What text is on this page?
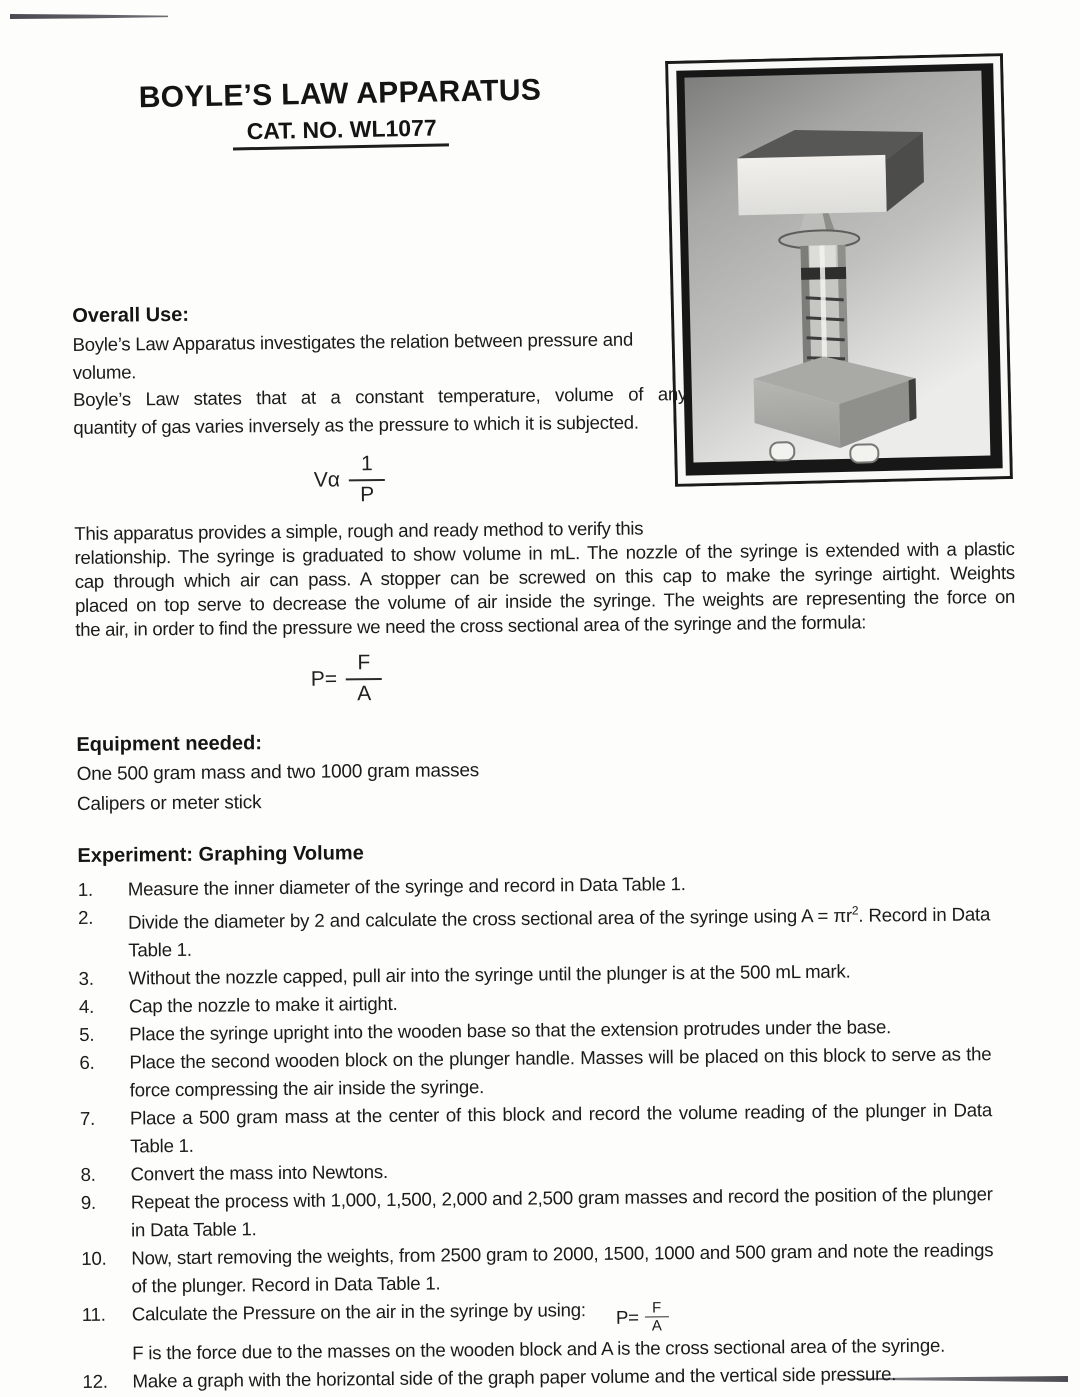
BOYLE’S LAW APPARATUS
CAT. NO. WL1077
Overall Use:
Boyle’s Law Apparatus investigates the relation between pressure and
volume.
Boyle’s Law states that at a constant temperature, volume of any
quantity of gas varies inversely as the pressure to which it is subjected.
Vα $\frac{1}{P}$
This apparatus provides a simple, rough and ready method to verify this
relationship. The syringe is graduated to show volume in mL. The nozzle of the syringe is extended with a plastic
cap through which air can pass. A stopper can be screwed on this cap to make the syringe airtight. Weights
placed on top serve to decrease the volume of air inside the syringe. The weights are representing the force on
the air, in order to find the pressure we need the cross sectional area of the syringe and the formula:
$P= \frac{F}{A}$
Equipment needed:
One 500 gram mass and two 1000 gram masses
Calipers or meter stick
Experiment: Graphing Volume
1.	Measure the inner diameter of the syringe and record in Data Table 1.
2.	Divide the diameter by 2 and calculate the cross sectional area of the syringe using $A = \pi r^2$. Record in Data Table 1.
3.	Without the nozzle capped, pull air into the syringe until the plunger is at the 500 mL mark.
4.	Cap the nozzle to make it airtight.
5.	Place the syringe upright into the wooden base so that the extension protrudes under the base.
6.	Place the second wooden block on the plunger handle. Masses will be placed on this block to serve as the force compressing the air inside the syringe.
7.	Place a 500 gram mass at the center of this block and record the volume reading of the plunger in Data Table 1.
8.	Convert the mass into Newtons.
9.	Repeat the process with 1,000, 1,500, 2,000 and 2,500 gram masses and record the position of the plunger in Data Table 1.
10.	Now, start removing the weights, from 2500 gram to 2000, 1500, 1000 and 500 gram and note the readings of the plunger. Record in Data Table 1.
11.	Calculate the Pressure on the air in the syringe by using: $P= \frac{F}{A}$
F is the force due to the masses on the wooden block and A is the cross sectional area of the syringe.
12.	Make a graph with the horizontal side of the graph paper volume and the vertical side pressure.
